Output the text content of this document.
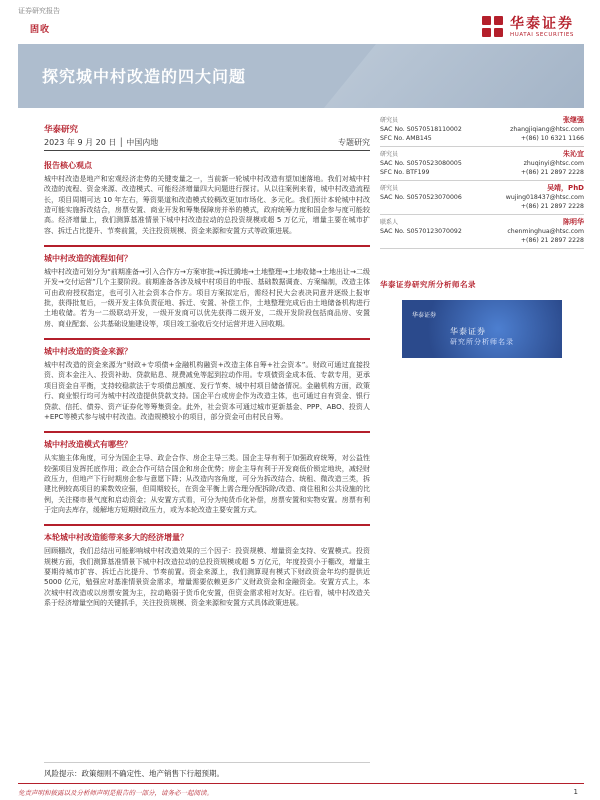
证券研究报告
固收	华泰证券
HUATAI SECURITIES
探究城中村改造的四大问题
华泰研究
2023 年 9 月 20 日 │ 中国内地	专题研究
报告核心观点
城中村改造是地产和宏观经济走势的关键变量之一，当前新一轮城中村改造有望加速落地。我们对城中村改造的流程、资金来源、改造模式、可能经济增量四大问题进行探讨。从以往案例来看，城中村改造流程长，项目周期可达 10 年左右，筹资渠道和改造模式较稠改更加市场化、多元化。我们预计本轮城中村改造可能实施拆改结合，房票安置、商业开发和筹集保障房并举的模式，政府统筹力度和国企参与度可能较高。经济增量上，我们测算基准情景下城中村改造拉动的总投资规模或超 5 万亿元，增量主要在城市扩容、拆迁占比提升、节奏前置，关注投资规模、资金来源和安置方式等政策进展。
城中村改造的流程如何？
城中村改造可划分为“前期准备→引入合作方→方案审批→拆迁腾地→土地整理→土地收储→土地出让→二级开发→交付运营”几个主要阶段。前期准备各涉及城中村项目的申报、基础数据调查、方案编制，改造主体可由政府授权指定，也可引入社会资本合作方。项目方案拟定后，需经村民大会表决同意并逐级上报审批，获得批复后，一级开发主体负责征地、拆迁、安置、补偿工作，土地整理完成后由土地储备机构进行土地收储。若为一二级联动开发，一级开发商可以优先获得二级开发，二级开发阶段包括商品房、安置房、商业配套、公共基础设施建设等，项目竣工验收后交付运营并进入回收期。
城中村改造的资金来源？
城中村改造的资金来源为“财政+专项债+金融机构融资+改造主体自筹+社会资本”。财政可通过直接投资、资本金注入、投资补助、贷款贴息、规费减免等起到拉动作用。专项债资金成本低、专款专用，更承项目资金自平衡，支持较稳款法于专项债总额度、发行节奏、城中村项目储备情况。金融机构方面，政策行、商业银行均可为城中村改造提供贷款支持。国企平台或房企作为改造主体，也可通过自有资金、银行贷款、信托、债券、资产证券化等筹集资金。此外，社会资本可通过城市更新基金、PPP、ABO、投资人+EPC等模式参与城中村改造。改造规模较小的项目，部分资金可由村民自筹。
城中村改造模式有哪些？
从实施主体角度，可分为国企主导、政企合作、房企主导三类。国企主导有利于加强政府统筹，对公益性较强项目发挥托底作用；政企合作可结合国企和房企优势；房企主导有利于开发商低价锁定地块，减轻财政压力，但地产下行时期房企参与意愿下降；从改造内容角度，可分为拆改结合、统租、微改造三类，拆建比例较高项目的乘数效应强，但周期较长，在资金平衡上需合理分配拆除/改造、商住租和公共设施的比例，关注楼市景气度和启动资金；从安置方式看，可分为纯货币化补偿，房票安置和实物安置。房票有利于定向去库存，缓解地方短期财政压力，或为本轮改造主要安置方式。
本轮城中村改造能带来多大的经济增量？
回顾棚改，我们总结出可能影响城中村改造效果的三个因子：投资规模、增量资金支持、安置模式。投资规模方面，我们测算基准情景下城中村改造拉动的总投资规模或超 5 万亿元，年度投资小于棚改，增量主要期待城市扩容、拆迁占比提升、节奏前置。资金来源上，我们测算现有模式下财政资金年均约提供近 5000 亿元，勉强应对基准情景资金需求，增量需要依赖更多广义财政资金和金融资金。安置方式上，本次城中村改造或以房票安置为主，拉动略弱于货币化安置，但资金需求相对友好。往后看，城中村改造关系于经济增量空间的关键抓手，关注投资规模、资金来源和安置方式具体政策进展。
风险提示：政策细则不确定性、地产销售下行超预期。
免责声明和披露以及分析师声明是报告的一部分，请务必一起阅读。	1
研究员	张继强
SAC No. S0570518110002	zhangjiqiang@htsc.com
SFC No. AMB145	+(86) 10 6321 1166
研究员	朱沁宜
SAC No. S0570523080005	zhuqinyi@htsc.com
SFC No. BTF199	+(86) 21 2897 2228
研究员	吴靖，PhD
SAC No. S0570523070006	wujing018437@htsc.com
+(86) 21 2897 2228
联系人	陈明华
SAC No. S0570123070092	chenminghua@htsc.com
+(86) 21 2897 2228
华泰证券研究所分析师名录
华泰证券
华泰证券
研究所分析师名录
